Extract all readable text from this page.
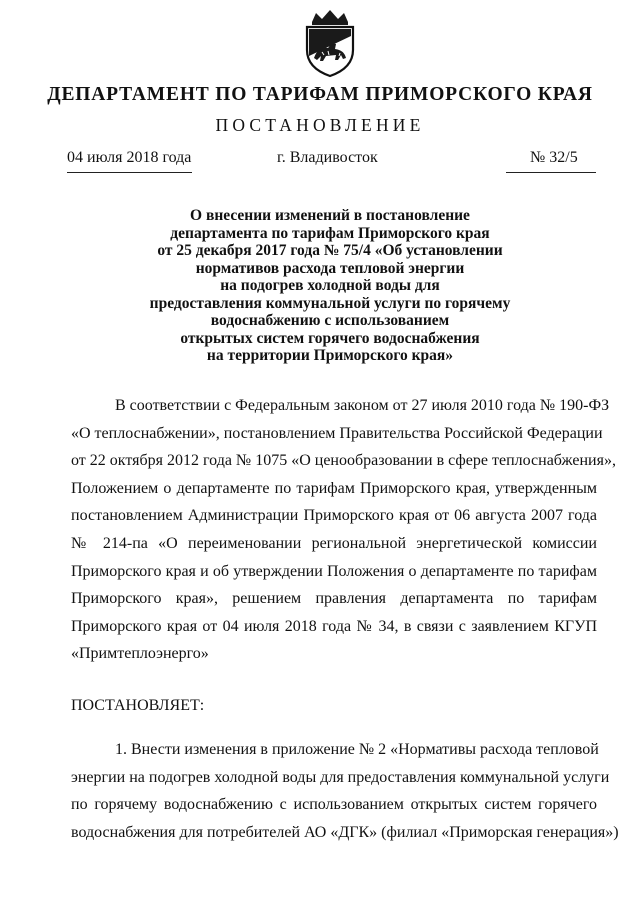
ДЕПАРТАМЕНТ ПО ТАРИФАМ ПРИМОРСКОГО КРАЯ
ПОСТАНОВЛЕНИЕ
04 июля 2018 года	г. Владивосток	№ 32/5
О внесении изменений в постановление
департамента по тарифам Приморского края
от 25 декабря 2017 года № 75/4 «Об установлении
нормативов расхода тепловой энергии
на подогрев холодной воды для
предоставления коммунальной услуги по горячему
водоснабжению с использованием
открытых систем горячего водоснабжения
на территории Приморского края»
В соответствии с Федеральным законом от 27 июля 2010 года № 190-ФЗ
«О теплоснабжении», постановлением Правительства Российской Федерации
от 22 октября 2012 года № 1075 «О ценообразовании в сфере теплоснабжения»,
Положением о департаменте по тарифам Приморского края, утвержденным
постановлением Администрации Приморского края от 06 августа 2007 года
№ 214-па «О переименовании региональной энергетической комиссии
Приморского края и об утверждении Положения о департаменте по тарифам
Приморского края», решением правления департамента по тарифам
Приморского края от 04 июля 2018 года № 34, в связи с заявлением КГУП
«Примтеплоэнерго»
ПОСТАНОВЛЯЕТ:
1. Внести изменения в приложение № 2 «Нормативы расхода тепловой
энергии на подогрев холодной воды для предоставления коммунальной услуги
по горячему водоснабжению с использованием открытых систем горячего
водоснабжения для потребителей АО «ДГК» (филиал «Приморская генерация»)
